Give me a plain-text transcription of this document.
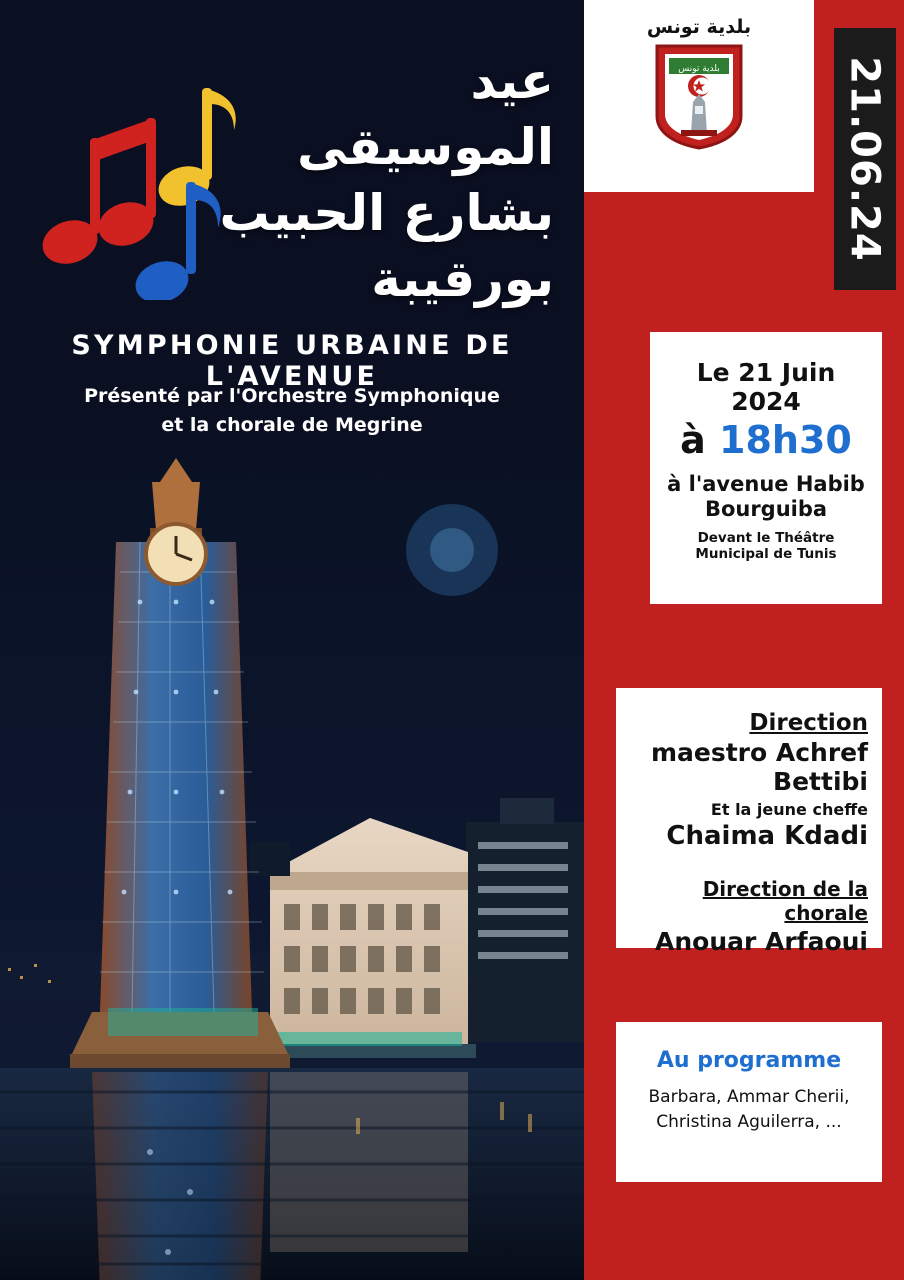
عيد الموسيقى بشارع الحبيب بورقيبة
SYMPHONIE URBAINE DE L'AVENUE
Présenté par l'Orchestre Symphonique
et la chorale de Megrine
بلدية تونس
بلدية تونس	21.06.24
Le 21 Juin 2024
à 18h30
à l'avenue Habib Bourguiba
Devant le Théâtre Municipal de Tunis
Direction
maestro Achref Bettibi
Et la jeune cheffe
Chaima Kdadi
Direction de la chorale
Anouar Arfaoui
Au programme
Barbara, Ammar Cherii,
Christina Aguilerra, ...
